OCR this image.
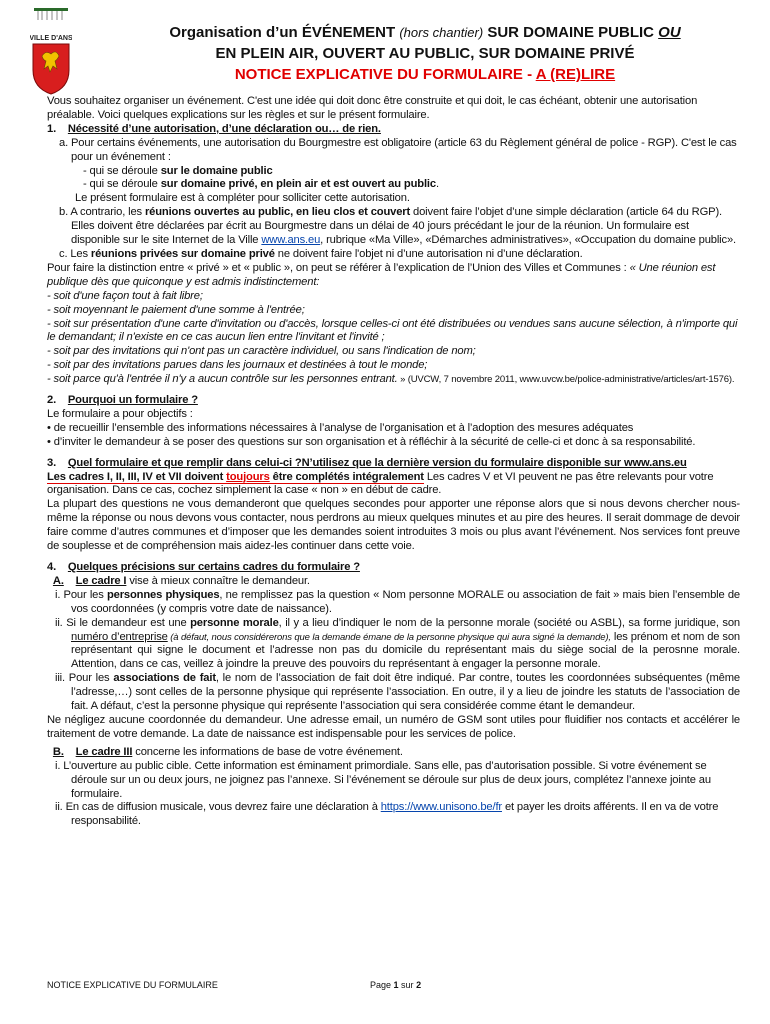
VILLE D'ANS	Organisation d’un ÉVÉNEMENT (hors chantier) SUR DOMAINE PUBLIC OU
EN PLEIN AIR, OUVERT AU PUBLIC, SUR DOMAINE PRIVÉ
NOTICE EXPLICATIVE DU FORMULAIRE - A (RE)LIRE

Vous souhaitez organiser un événement. C'est une idée qui doit donc être construite et qui doit, le cas échéant, obtenir une autorisation préalable. Voici quelques explications sur les règles et sur le présent formulaire.

1. Nécessité d’une autorisation, d’une déclaration ou… de rien.

a. Pour certains événements, une autorisation du Bourgmestre est obligatoire (article 63 du Règlement général de police - RGP). C'est le cas pour un événement :

- qui se déroule sur le domaine public

- qui se déroule sur domaine privé, en plein air et est ouvert au public.

Le présent formulaire est à compléter pour solliciter cette autorisation.

b. A contrario, les réunions ouvertes au public, en lieu clos et couvert doivent faire l’objet d’une simple déclaration (article 64 du RGP). Elles doivent être déclarées par écrit au Bourgmestre dans un délai de 40 jours précédant le jour de la réunion. Un formulaire est disponible sur le site Internet de la Ville www.ans.eu, rubrique «Ma Ville», «Démarches administratives», «Occupation du domaine public».

c. Les réunions privées sur domaine privé ne doivent faire l'objet ni d’une autorisation ni d’une déclaration.

Pour faire la distinction entre « privé » et « public », on peut se référer à l’explication de l’Union des Villes et Communes : « Une réunion est publique dès que quiconque y est admis indistinctement:

- soit d'une façon tout à fait libre;

- soit moyennant le paiement d'une somme à l'entrée;

- soit sur présentation d'une carte d'invitation ou d'accès, lorsque celles-ci ont été distribuées ou vendues sans aucune sélection, à n'importe qui le demandant; il n'existe en ce cas aucun lien entre l'invitant et l'invité ;

- soit par des invitations qui n'ont pas un caractère individuel, ou sans l'indication de nom;

- soit par des invitations parues dans les journaux et destinées à tout le monde;

- soit parce qu'à l'entrée il n'y a aucun contrôle sur les personnes entrant. » (UVCW, 7 novembre 2011, www.uvcw.be/police-administrative/articles/art-1576).

2. Pourquoi un formulaire ?

Le formulaire a pour objectifs :

• de recueillir l’ensemble des informations nécessaires à l’analyse de l’organisation et à l’adoption des mesures adéquates

• d’inviter le demandeur à se poser des questions sur son organisation et à réfléchir à la sécurité de celle-ci et donc à sa responsabilité.

3. Quel formulaire et que remplir dans celui-ci ?N’utilisez que la dernière version du formulaire disponible sur www.ans.eu

Les cadres I, II, III, IV et VII doivent toujours être complétés intégralement Les cadres V et VI peuvent ne pas être relevants pour votre organisation. Dans ce cas, cochez simplement la case « non » en début de cadre.

La plupart des questions ne vous demanderont que quelques secondes pour apporter une réponse alors que si nous devons chercher nous-même la réponse ou nous devons vous contacter, nous perdrons au mieux quelques minutes et au pire des heures. Il serait dommage de devoir faire comme d’autres communes et d’imposer que les demandes soient introduites 3 mois ou plus avant l’événement. Nos services font preuve de souplesse et de compréhension mais aidez-les continuer dans cette voie.

4. Quelques précisions sur certains cadres du formulaire ?

A. Le cadre I vise à mieux connaître le demandeur.

i. Pour les personnes physiques, ne remplissez pas la question « Nom personne MORALE ou association de fait » mais bien l’ensemble de vos coordonnées (y compris votre date de naissance).

ii. Si le demandeur est une personne morale, il y a lieu d’indiquer le nom de la personne morale (société ou ASBL), sa forme juridique, son numéro d’entreprise (à défaut, nous considérerons que la demande émane de la personne physique qui aura signé la demande), les prénom et nom de son représentant qui signe le document et l’adresse non pas du domicile du représentant mais du siège social de la perosnne morale. Attention, dans ce cas, veillez à joindre la preuve des pouvoirs du représentant à engager la personne morale.

iii. Pour les associations de fait, le nom de l’association de fait doit être indiqué. Par contre, toutes les coordonnées subséquentes (même l’adresse,…) sont celles de la personne physique qui représente l’association. En outre, il y a lieu de joindre les statuts de l’association de fait. A défaut, c’est la personne physique qui représente l’association qui sera considérée comme étant le demandeur.

Ne négligez aucune coordonnée du demandeur. Une adresse email, un numéro de GSM sont utiles pour fluidifier nos contacts et accélérer le traitement de votre demande. La date de naissance est indispensable pour les services de police.

B. Le cadre III concerne les informations de base de votre événement.

i. L’ouverture au public cible. Cette information est éminament primordiale. Sans elle, pas d’autorisation possible. Si votre événement se déroule sur un ou deux jours, ne joignez pas l’annexe. Si l’événement se déroule sur plus de deux jours, complétez l’annexe jointe au formulaire.

ii. En cas de diffusion musicale, vous devrez faire une déclaration à https://www.unisono.be/fr et payer les droits afférents. Il en va de votre responsabilité.

NOTICE EXPLICATIVE DU FORMULAIRE	Page 1 sur 2
